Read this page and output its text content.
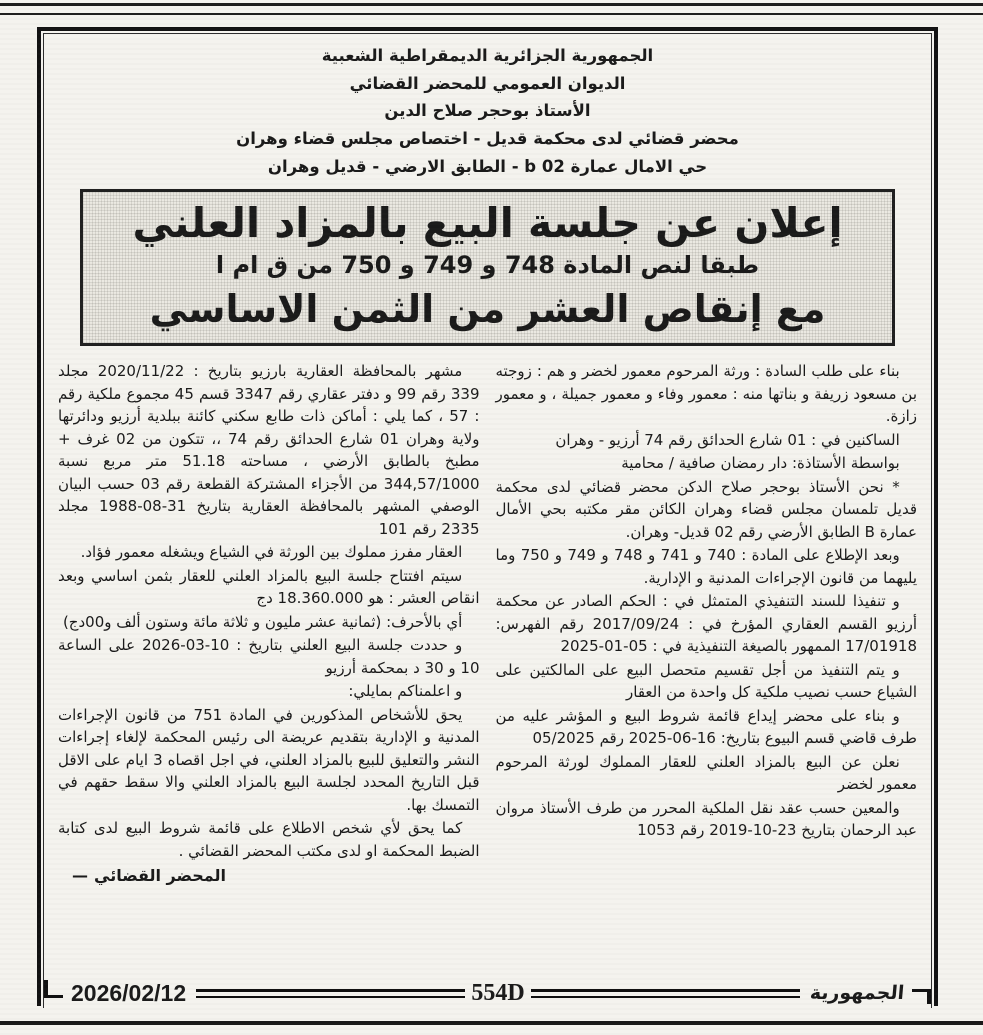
الجمهورية الجزائرية الديمقراطية الشعبية
الديوان العمومي للمحضر القضائي
الأستاذ بوحجر صلاح الدين
محضر قضائي لدى محكمة قديل - اختصاص مجلس قضاء وهران
حي الامال عمارة 02 b - الطابق الارضي - قديل وهران
إعلان عن جلسة البيع بالمزاد العلني
طبقا لنص المادة 748 و 749 و 750 من ق ام ا
مع إنقاص العشر من الثمن الاساسي

بناء على طلب السادة : ورثة المرحوم معمور لخضر و هم : زوجته بن مسعود زريفة و بناتها منه : معمور وفاء و معمور جميلة ، و معمور زازة.

الساكنين في : 01 شارع الحدائق رقم 74 أرزيو - وهران

بواسطة الأستاذة: دار رمضان صافية / محامية

* نحن الأستاذ بوحجر صلاح الدكن محضر قضائي لدى محكمة قديل تلمسان مجلس قضاء وهران الكائن مقر مكتبه بحي الأمال عمارة B الطابق الأرضي رقم 02 قديل- وهران.

وبعد الإطلاع على المادة : 740 و 741 و 748 و 749 و 750 وما يليهما من قانون الإجراءات المدنية و الإدارية.

و تنفيذا للسند التنفيذي المتمثل في : الحكم الصادر عن محكمة أرزيو القسم العقاري المؤرخ في : 2017/09/24 رقم الفهرس: 17/01918 الممهور بالصيغة التنفيذية في : 05-01-2025

و يتم التنفيذ من أجل تقسيم متحصل البيع على المالكتين على الشياع حسب نصيب ملكية كل واحدة من العقار

و بناء على محضر إيداع قائمة شروط البيع و المؤشر عليه من طرف قاضي قسم البيوع بتاريخ: 16-06-2025 رقم 05/2025

نعلن عن البيع بالمزاد العلني للعقار المملوك لورثة المرحوم معمور لخضر

والمعين حسب عقد نقل الملكية المحرر من طرف الأستاذ مروان عبد الرحمان بتاريخ 23-10-2019 رقم 1053

مشهر بالمحافظة العقارية بارزيو بتاريخ : 2020/11/22 مجلد 339 رقم 99 و دفتر عقاري رقم 3347 قسم 45 مجموع ملكية رقم : 57 ، كما يلي : أماكن ذات طابع سكني كائنة ببلدية أرزيو ودائرتها ولاية وهران 01 شارع الحدائق رقم 74 ،، تتكون من 02 غرف + مطبخ بالطابق الأرضي ، مساحته 51.18 متر مربع نسبة 344,57/1000 من الأجزاء المشتركة القطعة رقم 03 حسب البيان الوصفي المشهر بالمحافظة العقارية بتاريخ 31-08-1988 مجلد 2335 رقم 101

العقار مفرز مملوك بين الورثة في الشياع ويشغله معمور فؤاد.

سيتم افتتاح جلسة البيع بالمزاد العلني للعقار بثمن اساسي وبعد انقاص العشر : هو 18.360.000 دج

أي بالأحرف: (ثمانية عشر مليون و ثلاثة مائة وستون ألف و00دج)

و حددت جلسة البيع العلني بتاريخ : 10-03-2026 على الساعة 10 و 30 د بمحكمة أرزيو

و اعلمناكم بمايلي:

يحق للأشخاص المذكورين في المادة 751 من قانون الإجراءات المدنية و الإدارية بتقديم عريضة الى رئيس المحكمة لإلغاء إجراءات النشر والتعليق للبيع بالمزاد العلني، في اجل اقصاه 3 ايام على الاقل قبل التاريخ المحدد لجلسة البيع بالمزاد العلني والا سقط حقهم في التمسك بها.

كما يحق لأي شخص الاطلاع على قائمة شروط البيع لدى كتابة الضبط المحكمة او لدى مكتب المحضر القضائي .

— المحضر القضائي
2026/02/12	554D	الجمهورية
